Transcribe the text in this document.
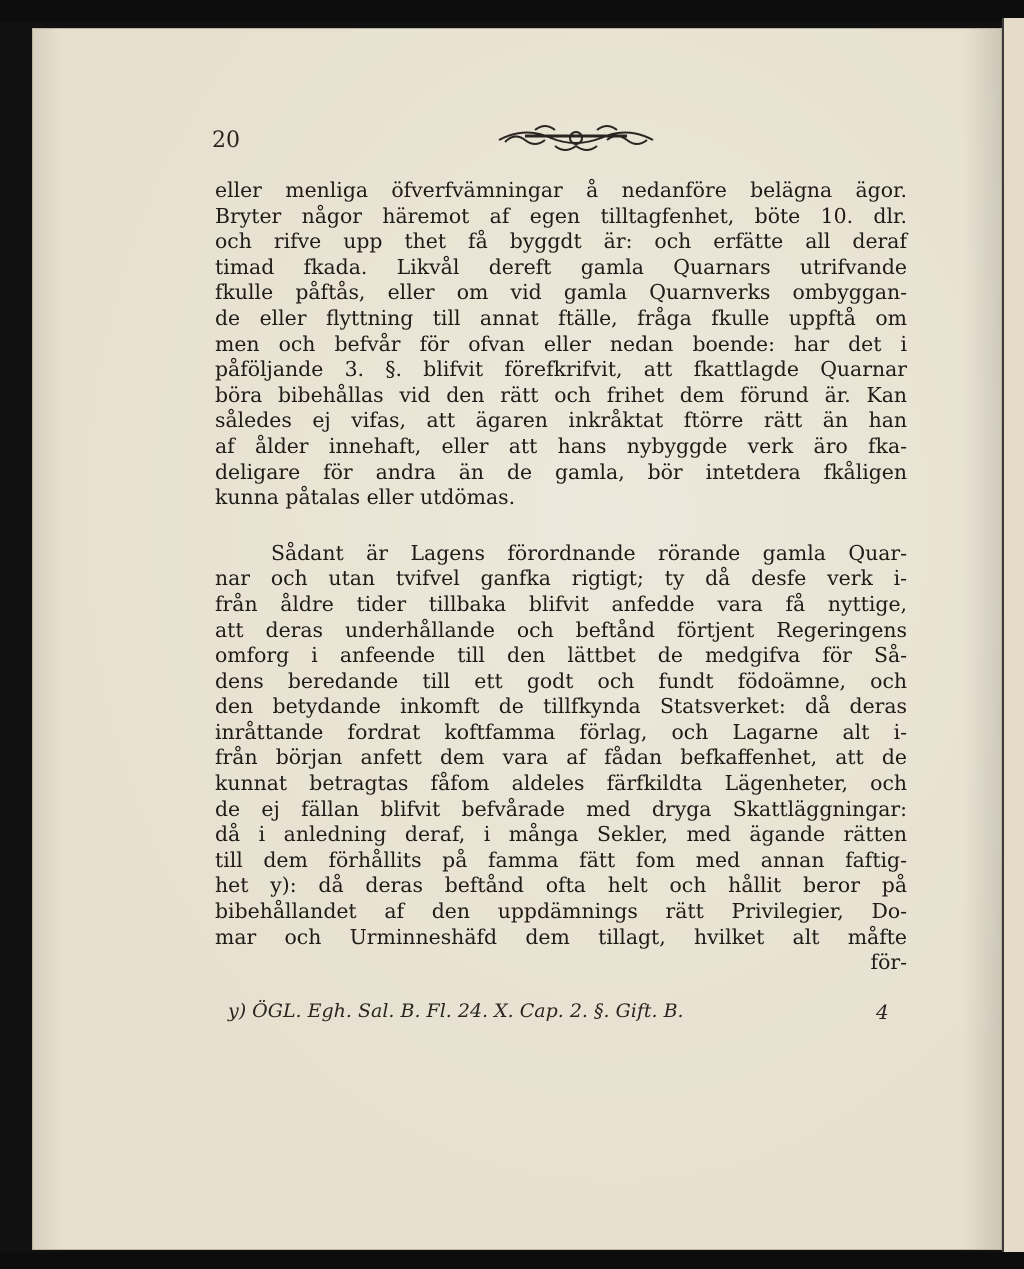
20
eller menliga öfverfvämningar å nedanföre belägna ägor.
Bryter någor häremot af egen tilltagfenhet, böte 10. dlr.
och rifve upp thet få byggdt är: och erfätte all deraf
timad fkada. Likvål dereft gamla Quarnars utrifvande
fkulle påftås, eller om vid gamla Quarnverks ombyggan-
de eller flyttning till annat ftälle, fråga fkulle uppftå om
men och befvår för ofvan eller nedan boende: har det i
påföljande 3. §. blifvit förefkrifvit, att fkattlagde Quarnar
böra bibehållas vid den rätt och frihet dem förund är. Kan
således ej vifas, att ägaren inkråktat ftörre rätt än han
af ålder innehaft, eller att hans nybyggde verk äro fka-
deligare för andra än de gamla, bör intetdera fkåligen
kunna påtalas eller utdömas.
Sådant är Lagens förordnande rörande gamla Quar-
nar och utan tvifvel ganfka rigtigt; ty då desfe verk i-
från åldre tider tillbaka blifvit anfedde vara få nyttige,
att deras underhållande och beftånd förtjent Regeringens
omforg i anfeende till den lättbet de medgifva för Så-
dens beredande till ett godt och fundt födoämne, och
den betydande inkomft de tillfkynda Statsverket: då deras
inråttande fordrat koftfamma förlag, och Lagarne alt i-
från början anfett dem vara af fådan befkaffenhet, att de
kunnat betragtas fåfom aldeles färfkildta Lägenheter, och
de ej fällan blifvit befvårade med dryga Skattläggningar:
då i anledning deraf, i många Sekler, med ägande rätten
till dem förhållits på famma fätt fom med annan faftig-
het y): då deras beftånd ofta helt och hållit beror på
bibehållandet af den uppdämnings rätt Privilegier, Do-
mar och Urminneshäfd dem tillagt, hvilket alt måfte
för-
y) ÖGL. Egh. Sal. B. Fl. 24. X. Cap. 2. §. Gift. B.	4
